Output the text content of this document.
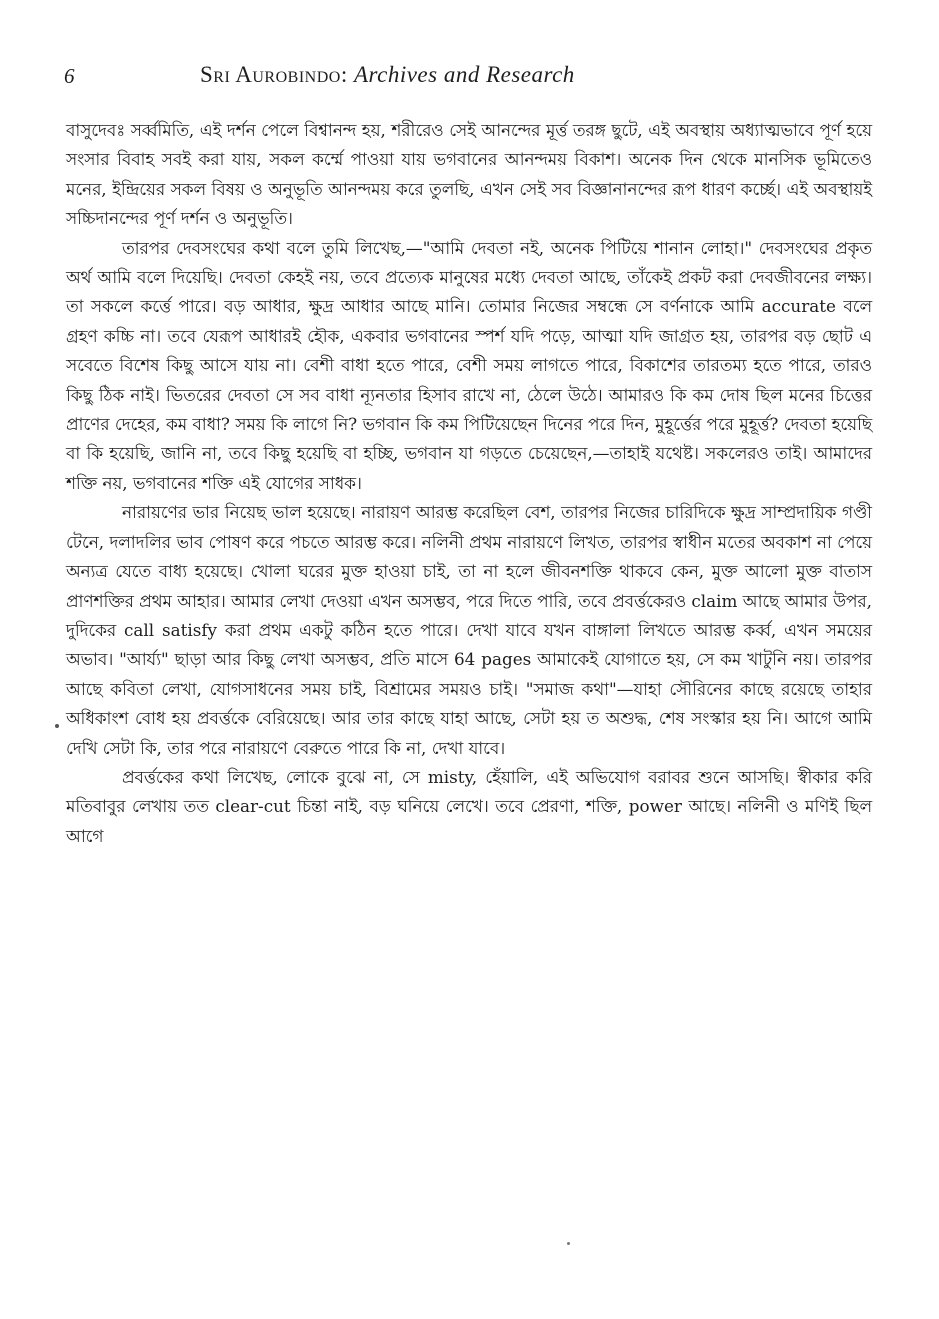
6	Sri Aurobindo: Archives and Research

বাসুদেবঃ সর্ব্বমিতি, এই দর্শন পেলে বিশ্বানন্দ হয়, শরীরেও সেই আনন্দের মূর্ত্ত তরঙ্গ ছুটে, এই অবস্থায় অধ্যাত্মভাবে পূর্ণ হয়ে সংসার বিবাহ সবই করা যায়, সকল কর্ম্মে পাওয়া যায় ভগবানের আনন্দময় বিকাশ। অনেক দিন থেকে মানসিক ভূমিতেও মনের, ইন্দ্রিয়ের সকল বিষয় ও অনুভূতি আনন্দময় করে তুলছি, এখন সেই সব বিজ্ঞানানন্দের রূপ ধারণ কর্চ্ছে। এই অবস্থায়ই সচ্চিদানন্দের পূর্ণ দর্শন ও অনুভূতি।

তারপর দেবসংঘের কথা বলে তুমি লিখেছ,—"আমি দেবতা নই, অনেক পিটিয়ে শানান লোহা।" দেবসংঘের প্রকৃত অর্থ আমি বলে দিয়েছি। দেবতা কেহই নয়, তবে প্রত্যেক মানুষের মধ্যে দেবতা আছে, তাঁকেই প্রকট করা দেবজীবনের লক্ষ্য। তা সকলে কর্ত্তে পারে। বড় আধার, ক্ষুদ্র আধার আছে মানি। তোমার নিজের সম্বন্ধে সে বর্ণনাকে আমি accurate বলে গ্রহণ কচ্চি না। তবে যেরূপ আধারই হৌক, একবার ভগবানের স্পর্শ যদি পড়ে, আত্মা যদি জাগ্রত হয়, তারপর বড় ছোট এ সবেতে বিশেষ কিছু আসে যায় না। বেশী বাধা হতে পারে, বেশী সময় লাগতে পারে, বিকাশের তারতম্য হতে পারে, তারও কিছু ঠিক নাই। ভিতরের দেবতা সে সব বাধা ন্যূনতার হিসাব রাখে না, ঠেলে উঠে। আমারও কি কম দোষ ছিল মনের চিত্তের প্রাণের দেহের, কম বাধা? সময় কি লাগে নি? ভগবান কি কম পিটিয়েছেন দিনের পরে দিন, মুহূর্ত্তের পরে মুহূর্ত্ত? দেবতা হয়েছি বা কি হয়েছি, জানি না, তবে কিছু হয়েছি বা হচ্ছি, ভগবান যা গড়তে চেয়েছেন,—তাহাই যথেষ্ট। সকলেরও তাই। আমাদের শক্তি নয়, ভগবানের শক্তি এই যোগের সাধক।

নারায়ণের ভার নিয়েছ ভাল হয়েছে। নারায়ণ আরম্ভ করেছিল বেশ, তারপর নিজের চারিদিকে ক্ষুদ্র সাম্প্রদায়িক গণ্ডী টেনে, দলাদলির ভাব পোষণ করে পচতে আরম্ভ করে। নলিনী প্রথম নারায়ণে লিখত, তারপর স্বাধীন মতের অবকাশ না পেয়ে অন্যত্র যেতে বাধ্য হয়েছে। খোলা ঘরের মুক্ত হাওয়া চাই, তা না হলে জীবনশক্তি থাকবে কেন, মুক্ত আলো মুক্ত বাতাস প্রাণশক্তির প্রথম আহার। আমার লেখা দেওয়া এখন অসম্ভব, পরে দিতে পারি, তবে প্রবর্ত্তকেরও claim আছে আমার উপর, দুদিকের call satisfy করা প্রথম একটু কঠিন হতে পারে। দেখা যাবে যখন বাঙ্গালা লিখতে আরম্ভ কর্ব্ব, এখন সময়ের অভাব। "আর্য্য" ছাড়া আর কিছু লেখা অসম্ভব, প্রতি মাসে 64 pages আমাকেই যোগাতে হয়, সে কম খাটুনি নয়। তারপর আছে কবিতা লেখা, যোগসাধনের সময় চাই, বিশ্রামের সময়ও চাই। "সমাজ কথা"—যাহা সৌরিনের কাছে রয়েছে তাহার অধিকাংশ বোধ হয় প্রবর্ত্তকে বেরিয়েছে। আর তার কাছে যাহা আছে, সেটা হয় ত অশুদ্ধ, শেষ সংস্কার হয় নি। আগে আমি দেখি সেটা কি, তার পরে নারায়ণে বেরুতে পারে কি না, দেখা যাবে।

প্রবর্ত্তকের কথা লিখেছ, লোকে বুঝে না, সে misty, হেঁয়ালি, এই অভিযোগ বরাবর শুনে আসছি। স্বীকার করি মতিবাবুর লেখায় তত clear-cut চিন্তা নাই, বড় ঘনিয়ে লেখে। তবে প্রেরণা, শক্তি, power আছে। নলিনী ও মণিই ছিল আগে
